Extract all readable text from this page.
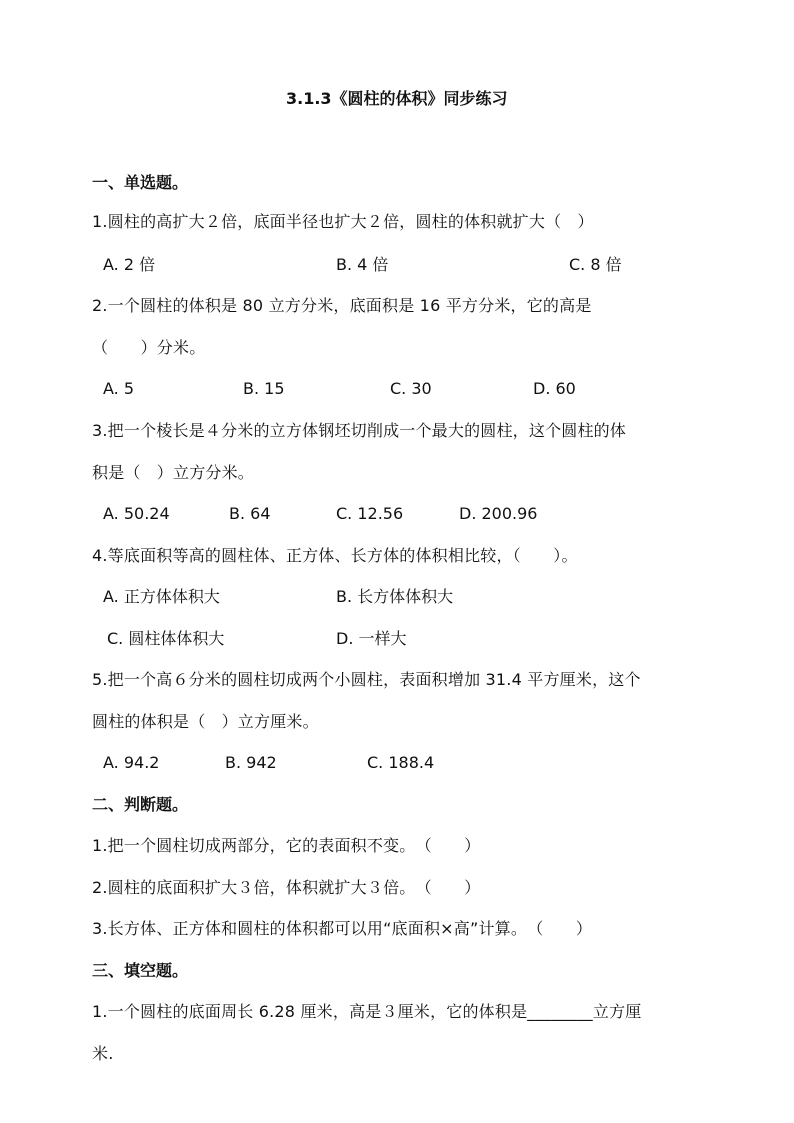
3.1.3《圆柱的体积》同步练习
一、单选题。
1.圆柱的高扩大２倍，底面半径也扩大２倍，圆柱的体积就扩大（　）
A. 2 倍	B. 4 倍	C. 8 倍
2.一个圆柱的体积是 80 立方分米，底面积是 16 平方分米，它的高是
（　　）分米。
A. 5	B. 15	C. 30	D. 60
3.把一个棱长是４分米的立方体钢坯切削成一个最大的圆柱，这个圆柱的体
积是（　）立方分米。
A. 50.24	B. 64	C. 12.56	D. 200.96
4.等底面积等高的圆柱体、正方体、长方体的体积相比较，（　　）。
A. 正方体体积大	B. 长方体体积大
C. 圆柱体体积大	D. 一样大
5.把一个高６分米的圆柱切成两个小圆柱，表面积增加 31.4 平方厘米，这个
圆柱的体积是（　）立方厘米。
A. 94.2	B. 942	C. 188.4
二、判断题。
1.把一个圆柱切成两部分，它的表面积不变。　（　　）
2.圆柱的底面积扩大３倍，体积就扩大３倍。　（　　）
3.长方体、正方体和圆柱的体积都可以用“底面积×高”计算。　（　　）
三、填空题。
1.一个圆柱的底面周长 6.28 厘米，高是３厘米，它的体积是________立方厘
米.
